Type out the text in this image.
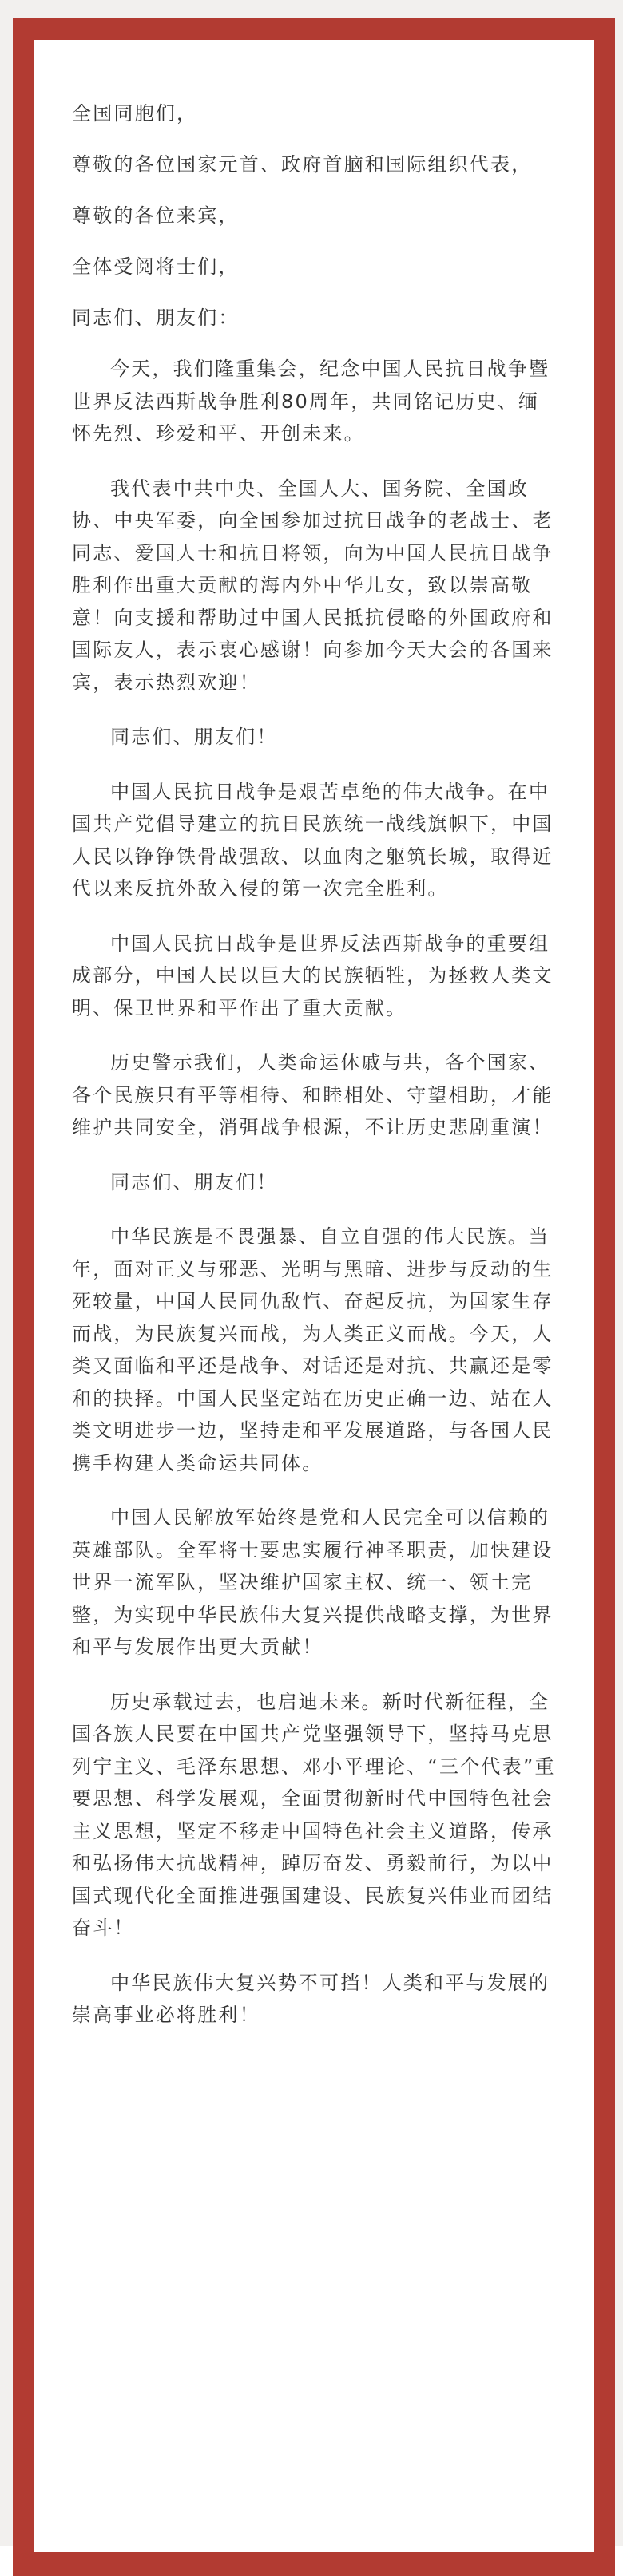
全国同胞们，

尊敬的各位国家元首、政府首脑和国际组织代表，

尊敬的各位来宾，

全体受阅将士们，

同志们、朋友们：

今天，我们隆重集会，纪念中国人民抗日战争暨世界反法西斯战争胜利80周年，共同铭记历史、缅怀先烈、珍爱和平、开创未来。

我代表中共中央、全国人大、国务院、全国政协、中央军委，向全国参加过抗日战争的老战士、老同志、爱国人士和抗日将领，向为中国人民抗日战争胜利作出重大贡献的海内外中华儿女，致以崇高敬意！向支援和帮助过中国人民抵抗侵略的外国政府和国际友人，表示衷心感谢！向参加今天大会的各国来宾，表示热烈欢迎！

同志们、朋友们！

中国人民抗日战争是艰苦卓绝的伟大战争。在中国共产党倡导建立的抗日民族统一战线旗帜下，中国人民以铮铮铁骨战强敌、以血肉之躯筑长城，取得近代以来反抗外敌入侵的第一次完全胜利。

中国人民抗日战争是世界反法西斯战争的重要组成部分，中国人民以巨大的民族牺牲，为拯救人类文明、保卫世界和平作出了重大贡献。

历史警示我们，人类命运休戚与共，各个国家、各个民族只有平等相待、和睦相处、守望相助，才能维护共同安全，消弭战争根源，不让历史悲剧重演！

同志们、朋友们！

中华民族是不畏强暴、自立自强的伟大民族。当年，面对正义与邪恶、光明与黑暗、进步与反动的生死较量，中国人民同仇敌忾、奋起反抗，为国家生存而战，为民族复兴而战，为人类正义而战。今天，人类又面临和平还是战争、对话还是对抗、共赢还是零和的抉择。中国人民坚定站在历史正确一边、站在人类文明进步一边，坚持走和平发展道路，与各国人民携手构建人类命运共同体。

中国人民解放军始终是党和人民完全可以信赖的英雄部队。全军将士要忠实履行神圣职责，加快建设世界一流军队，坚决维护国家主权、统一、领土完整，为实现中华民族伟大复兴提供战略支撑，为世界和平与发展作出更大贡献！

历史承载过去，也启迪未来。新时代新征程，全国各族人民要在中国共产党坚强领导下，坚持马克思列宁主义、毛泽东思想、邓小平理论、“三个代表”重要思想、科学发展观，全面贯彻新时代中国特色社会主义思想，坚定不移走中国特色社会主义道路，传承和弘扬伟大抗战精神，踔厉奋发、勇毅前行，为以中国式现代化全面推进强国建设、民族复兴伟业而团结奋斗！

中华民族伟大复兴势不可挡！人类和平与发展的崇高事业必将胜利！
